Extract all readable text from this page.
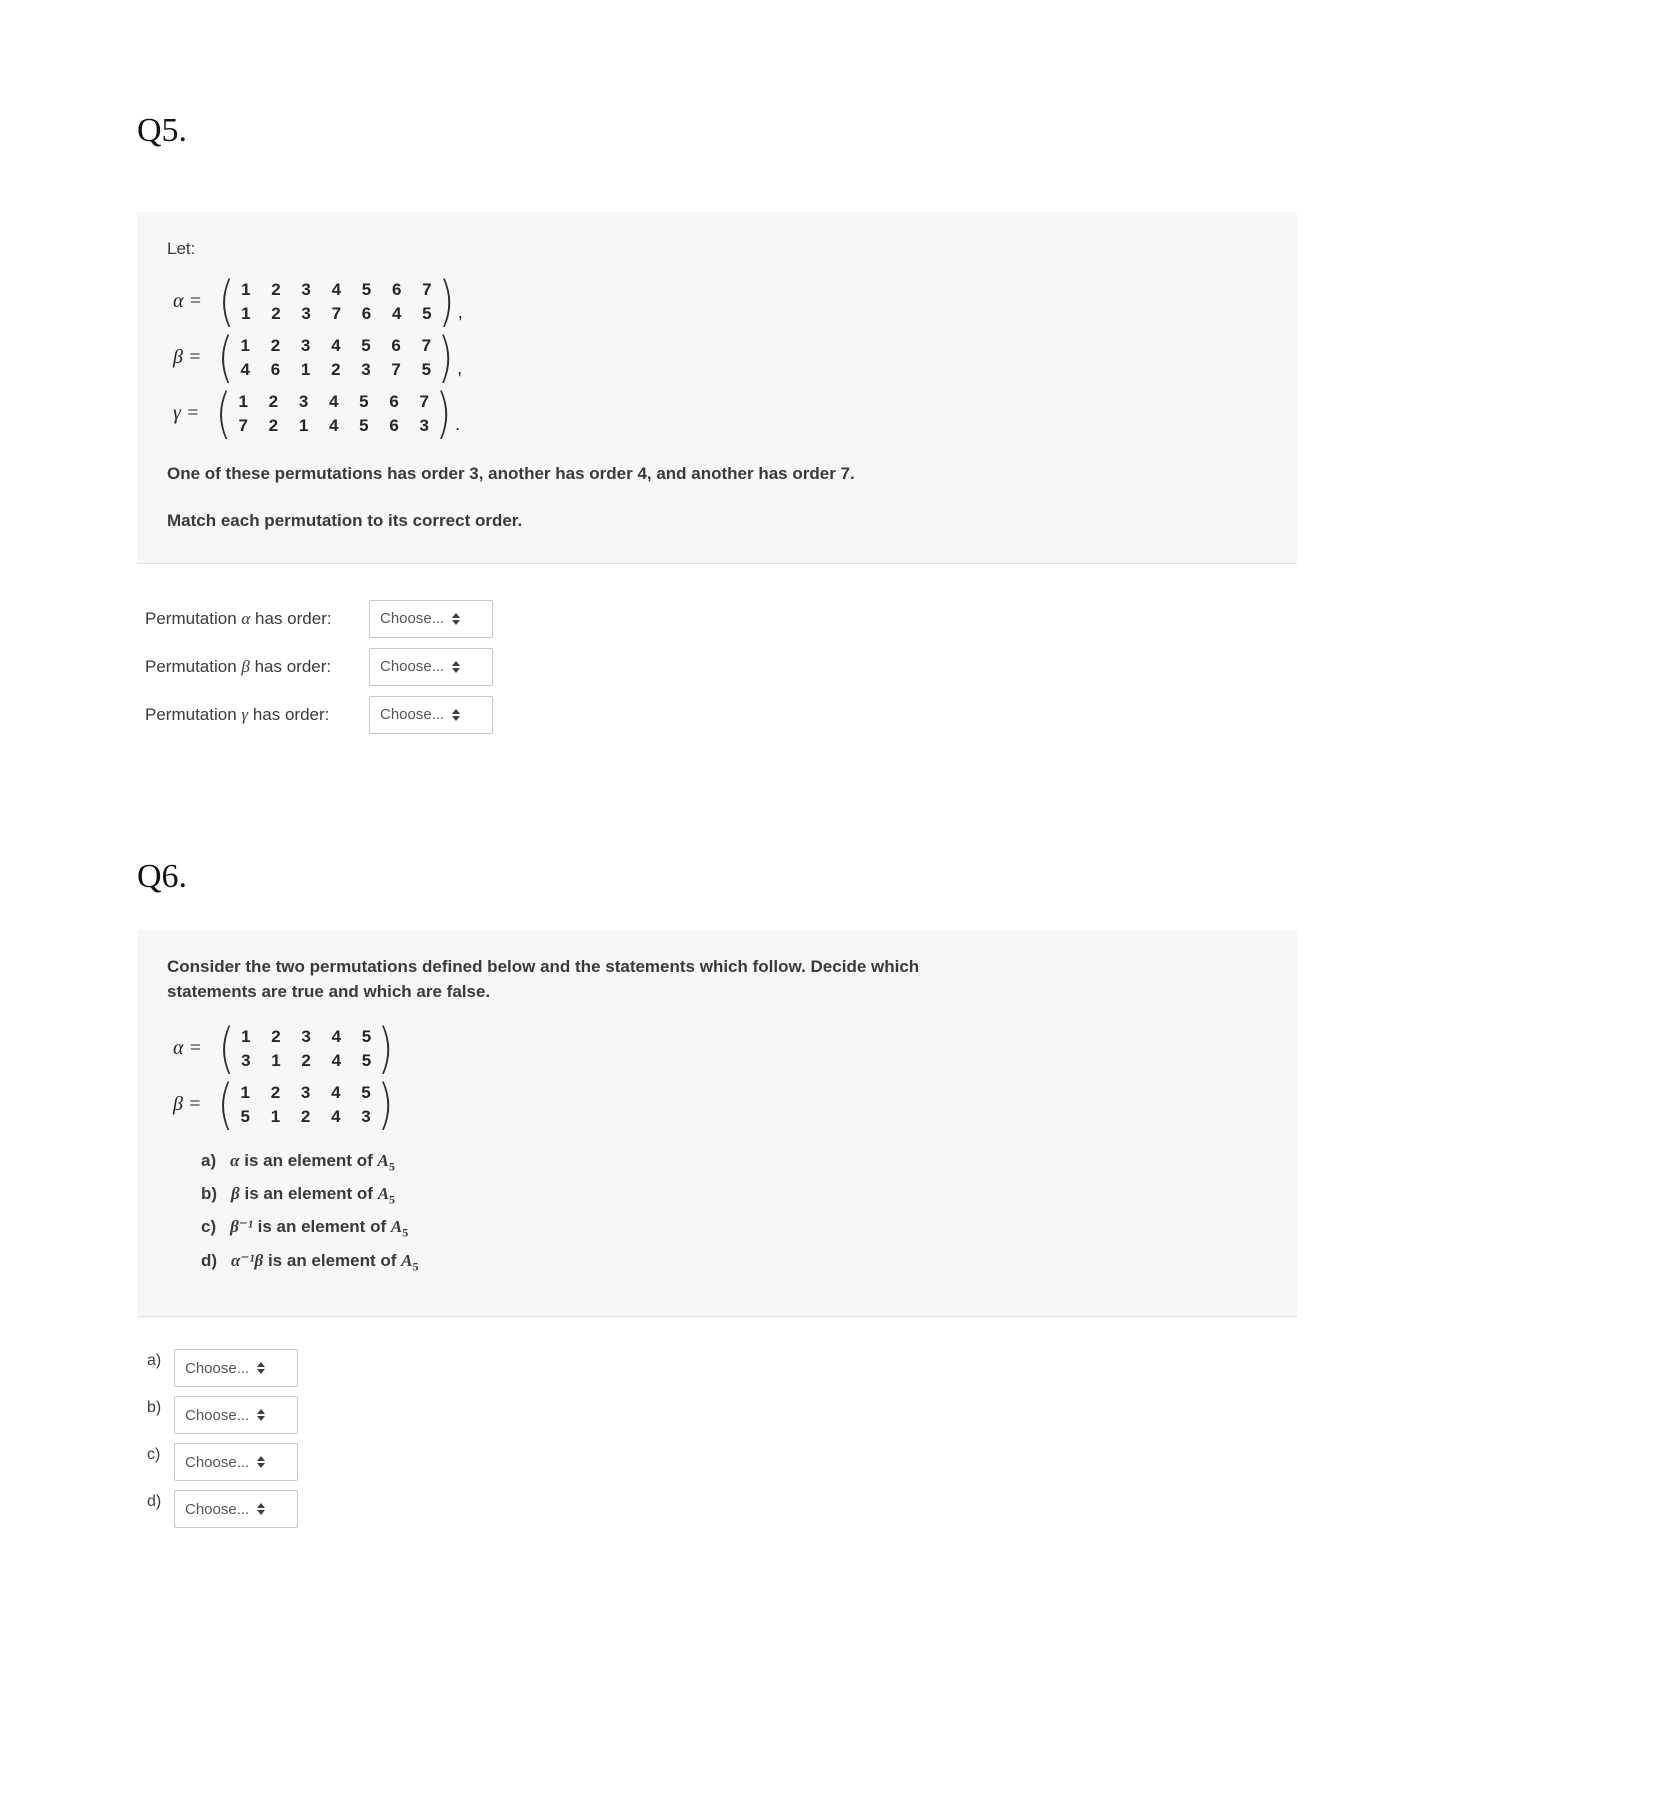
Q5.
Let:
α = ( 1 2 3 4 5 6 7
1 2 3 7 6 4 5 ) ,
β = ( 1 2 3 4 5 6 7
4 6 1 2 3 7 5 ) ,
γ = ( 1 2 3 4 5 6 7
7 2 1 4 5 6 3 ) .
One of these permutations has order 3, another has order 4, and another has order 7.
Match each permutation to its correct order.
Permutation α has order:	Choose...
Permutation β has order:	Choose...
Permutation γ has order:	Choose...
Q6.
Consider the two permutations defined below and the statements which follow. Decide which statements are true and which are false.
α = ( 1 2 3 4 5
3 1 2 4 5 )
β = ( 1 2 3 4 5
5 1 2 4 3 )
a) α is an element of $A_5$
b) β is an element of $A_5$
c) β⁻¹ is an element of $A_5$
d) α⁻¹β is an element of $A_5$
a)	Choose...
b)	Choose...
c)	Choose...
d)	Choose...
